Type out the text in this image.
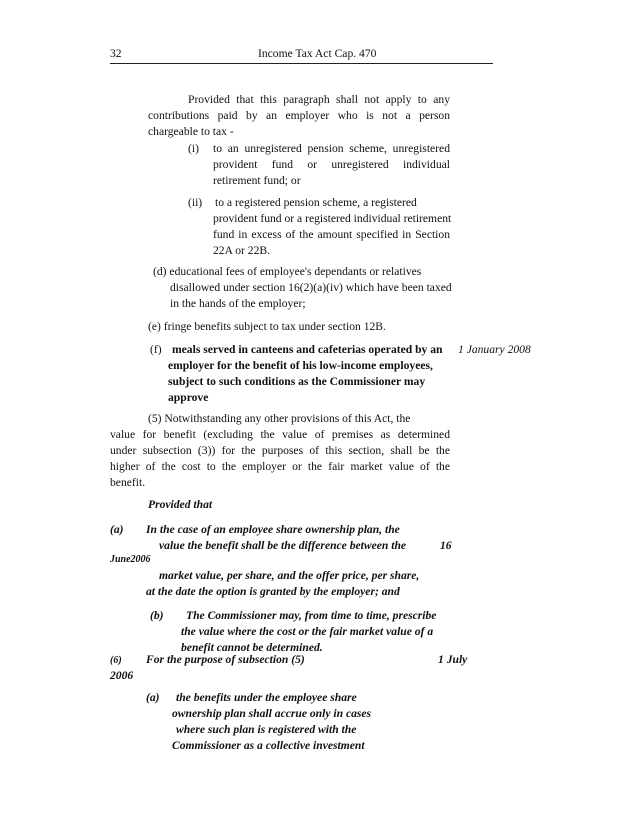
32	Income Tax Act Cap. 470
Provided that this paragraph shall not apply to any
contributions paid by an employer who is not a person
chargeable to tax -
(i) to an unregistered pension scheme, unregistered
provident fund or unregistered individual
retirement fund; or
(ii) to a registered pension scheme, a registered
provident fund or a registered individual retirement
fund in excess of the amount specified in Section
22A or 22B.
(d) educational fees of employee's dependants or relatives
disallowed under section 16(2)(a)(iv) which have been taxed
in the hands of the employer;
(e) fringe benefits subject to tax under section 12B.
(f) meals served in canteens and cafeterias operated by an
employer for the benefit of his low-income employees,
subject to such conditions as the Commissioner may
approve
1 January 2008
(5) Notwithstanding any other provisions of this Act, the
value for benefit (excluding the value of premises as determined
under subsection (3)) for the purposes of this section, shall be the
higher of the cost to the employer or the fair market value of the
benefit.
Provided that
(a) In the case of an employee share ownership plan, the
value the benefit shall be the difference between the	16
June2006
market value, per share, and the offer price, per share,
at the date the option is granted by the employer; and
(b) The Commissioner may, from time to time, prescribe
the value where the cost or the fair market value of a
benefit cannot be determined.
(6) For the purpose of subsection (5)	1 July
2006
(a) the benefits under the employee share
ownership plan shall accrue only in cases
where such plan is registered with the
Commissioner as a collective investment
